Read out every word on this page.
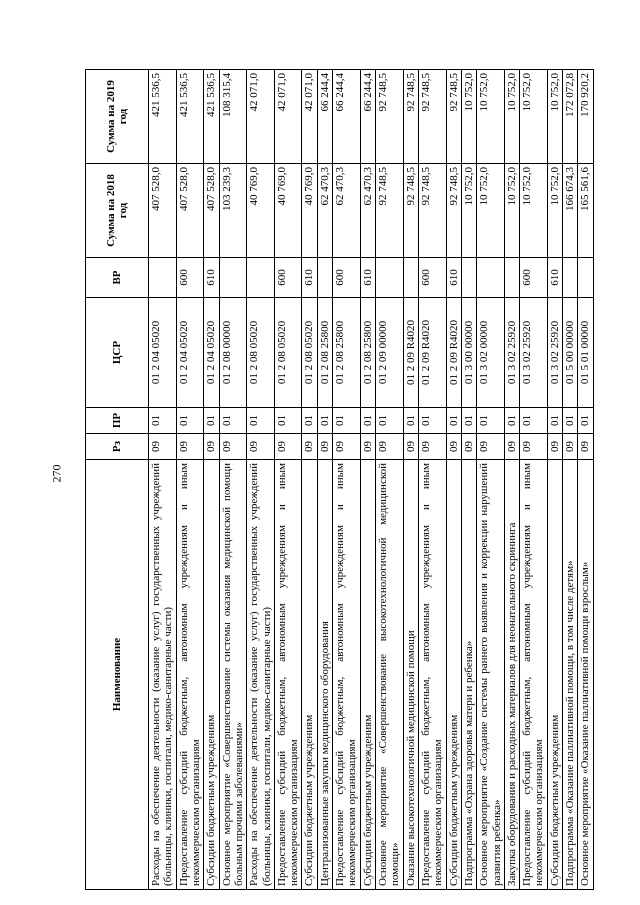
270
Наименование	Рз	ПР	ЦСР	ВР	Сумма на 2018 год	Сумма на 2019 год
Расходы на обеспечение деятельности (оказание услуг) государственных учреждений (больницы, клиники, госпитали, медико-санитарные части)	09	01	01 2 04 05020		407 528,0	421 536,5
Предоставление субсидий бюджетным, автономным учреждениям и иным некоммерческим организациям	09	01	01 2 04 05020	600	407 528,0	421 536,5
Субсидии бюджетным учреждениям	09	01	01 2 04 05020	610	407 528,0	421 536,5
Основное мероприятие «Совершенствование системы оказания медицинской помощи больным прочими заболеваниями»	09	01	01 2 08 00000		103 239,3	108 315,4
Расходы на обеспечение деятельности (оказание услуг) государственных учреждений (больницы, клиники, госпитали, медико-санитарные части)	09	01	01 2 08 05020		40 769,0	42 071,0
Предоставление субсидий бюджетным, автономным учреждениям и иным некоммерческим организациям	09	01	01 2 08 05020	600	40 769,0	42 071,0
Субсидии бюджетным учреждениям	09	01	01 2 08 05020	610	40 769,0	42 071,0
Централизованные закупки медицинского оборудования	09	01	01 2 08 25800		62 470,3	66 244,4
Предоставление субсидий бюджетным, автономным учреждениям и иным некоммерческим организациям	09	01	01 2 08 25800	600	62 470,3	66 244,4
Субсидии бюджетным учреждениям	09	01	01 2 08 25800	610	62 470,3	66 244,4
Основное мероприятие «Совершенствование высокотехнологичной медицинской помощи»	09	01	01 2 09 00000		92 748,5	92 748,5
Оказание высокотехнологичной медицинской помощи	09	01	01 2 09 R4020		92 748,5	92 748,5
Предоставление субсидий бюджетным, автономным учреждениям и иным некоммерческим организациям	09	01	01 2 09 R4020	600	92 748,5	92 748,5
Субсидии бюджетным учреждениям	09	01	01 2 09 R4020	610	92 748,5	92 748,5
Подпрограмма «Охрана здоровья матери и ребенка»	09	01	01 3 00 00000		10 752,0	10 752,0
Основное мероприятие «Создание системы раннего выявления и коррекции нарушений развития ребенка»	09	01	01 3 02 00000		10 752,0	10 752,0
Закупка оборудования и расходных материалов для неонатального скрининга	09	01	01 3 02 25920		10 752,0	10 752,0
Предоставление субсидий бюджетным, автономным учреждениям и иным некоммерческим организациям	09	01	01 3 02 25920	600	10 752,0	10 752,0
Субсидии бюджетным учреждениям	09	01	01 3 02 25920	610	10 752,0	10 752,0
Подпрограмма «Оказание паллиативной помощи, в том числе детям»	09	01	01 5 00 00000		166 674,3	172 072,8
Основное мероприятие «Оказание паллиативной помощи взрослым»	09	01	01 5 01 00000		165 561,6	170 920,2
